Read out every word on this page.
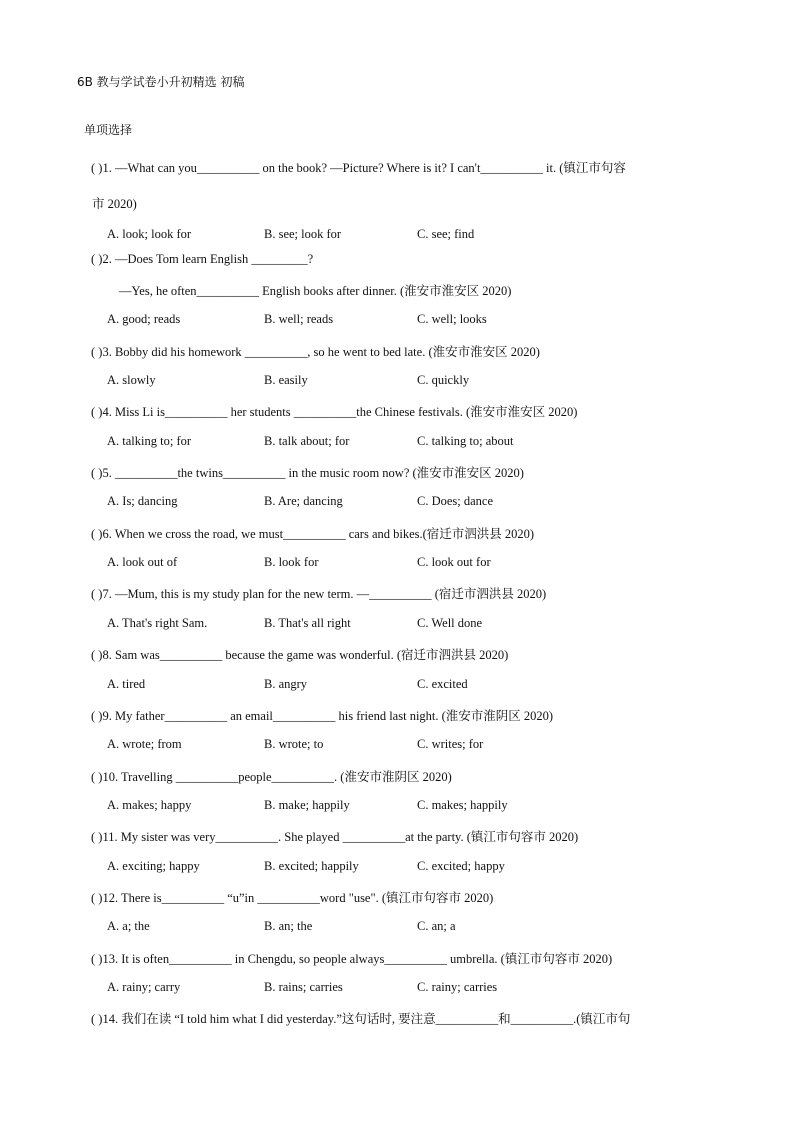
6B 教与学试卷小升初精选 初稿
单项选择
( )1. —What can you__________ on the book? —Picture? Where is it? I can't__________ it. (镇江市句容
市 2020)
A. look; look for	B. see; look for	C. see; find
( )2. —Does Tom learn English _________?
—Yes, he often__________ English books after dinner. (淮安市淮安区 2020)
A. good; reads	B. well; reads	C. well; looks
( )3. Bobby did his homework __________, so he went to bed late. (淮安市淮安区 2020)
A. slowly	B. easily	C. quickly
( )4. Miss Li is__________ her students __________the Chinese festivals. (淮安市淮安区 2020)
A. talking to; for	B. talk about; for	C. talking to; about
( )5. __________the twins__________ in the music room now? (淮安市淮安区 2020)
A. Is; dancing	B. Are; dancing	C. Does; dance
( )6. When we cross the road, we must__________ cars and bikes.(宿迁市泗洪县 2020)
A. look out of	B. look for	C. look out for
( )7. —Mum, this is my study plan for the new term. —__________ (宿迁市泗洪县 2020)
A. That's right Sam.	B. That's all right	C. Well done
( )8. Sam was__________ because the game was wonderful. (宿迁市泗洪县 2020)
A. tired	B. angry	C. excited
( )9. My father__________ an email__________ his friend last night. (淮安市淮阴区 2020)
A. wrote; from	B. wrote; to	C. writes; for
( )10. Travelling __________people__________. (淮安市淮阴区 2020)
A. makes; happy	B. make; happily	C. makes; happily
( )11. My sister was very__________. She played __________at the party. (镇江市句容市 2020)
A. exciting; happy	B. excited; happily	C. excited; happy
( )12. There is__________ “u”in __________word "use". (镇江市句容市 2020)
A. a; the	B. an; the	C. an; a
( )13. It is often__________ in Chengdu, so people always__________ umbrella. (镇江市句容市 2020)
A. rainy; carry	B. rains; carries	C. rainy; carries
( )14. 我们在读 “I told him what I did yesterday.”这句话时, 要注意__________和__________.(镇江市句
